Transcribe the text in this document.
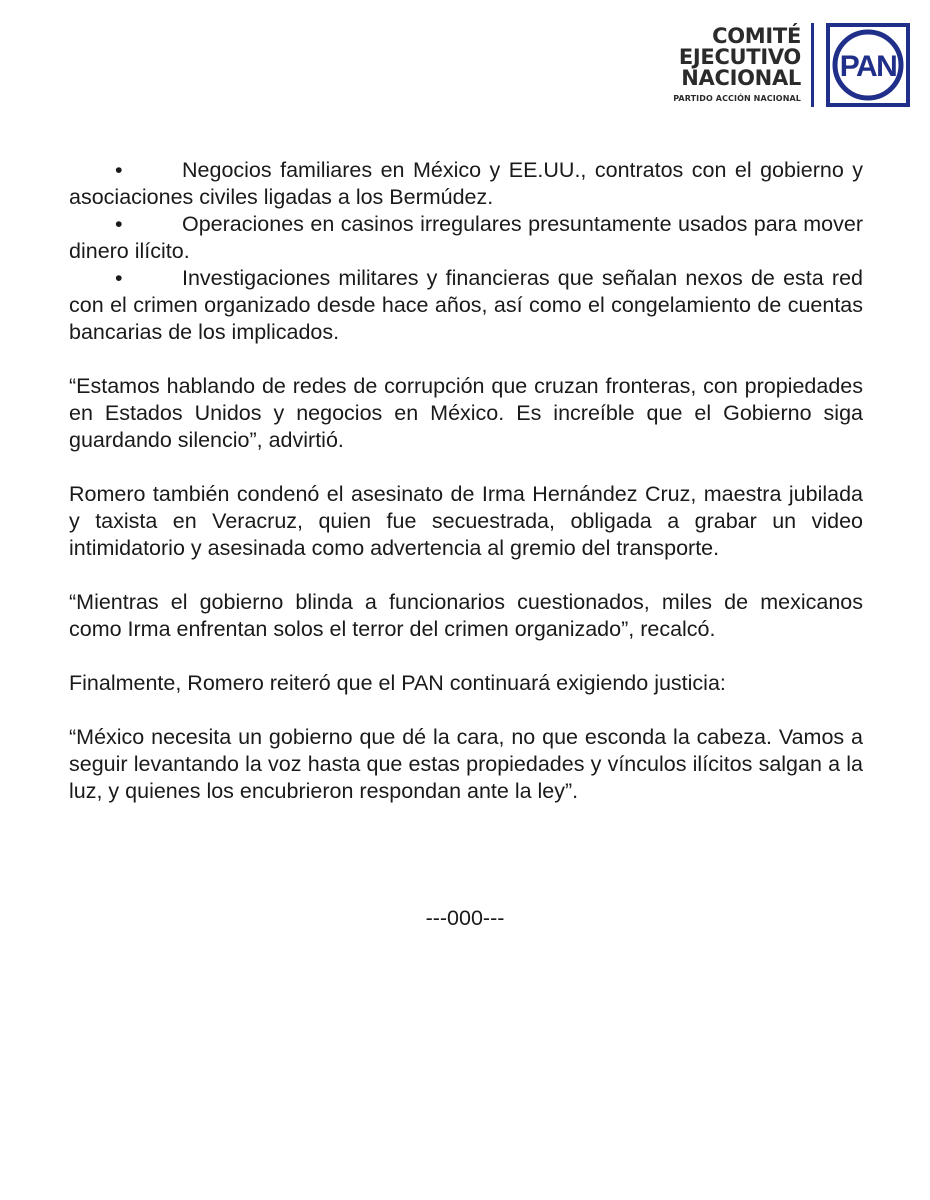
COMITÉ
EJECUTIVO
NACIONAL
PARTIDO ACCIÓN NACIONAL
PAN

•	Negocios familiares en México y EE.UU., contratos con el gobierno y asociaciones civiles ligadas a los Bermúdez.

•	Operaciones en casinos irregulares presuntamente usados para mover dinero ilícito.

•	Investigaciones militares y financieras que señalan nexos de esta red con el crimen organizado desde hace años, así como el congelamiento de cuentas bancarias de los implicados.

“Estamos hablando de redes de corrupción que cruzan fronteras, con propiedades en Estados Unidos y negocios en México. Es increíble que el Gobierno siga guardando silencio”, advirtió.

Romero también condenó el asesinato de Irma Hernández Cruz, maestra jubilada y taxista en Veracruz, quien fue secuestrada, obligada a grabar un video intimidatorio y asesinada como advertencia al gremio del transporte.

“Mientras el gobierno blinda a funcionarios cuestionados, miles de mexicanos como Irma enfrentan solos el terror del crimen organizado”, recalcó.

Finalmente, Romero reiteró que el PAN continuará exigiendo justicia:

“México necesita un gobierno que dé la cara, no que esconda la cabeza. Vamos a seguir levantando la voz hasta que estas propiedades y vínculos ilícitos salgan a la luz, y quienes los encubrieron respondan ante la ley”.

---000---
